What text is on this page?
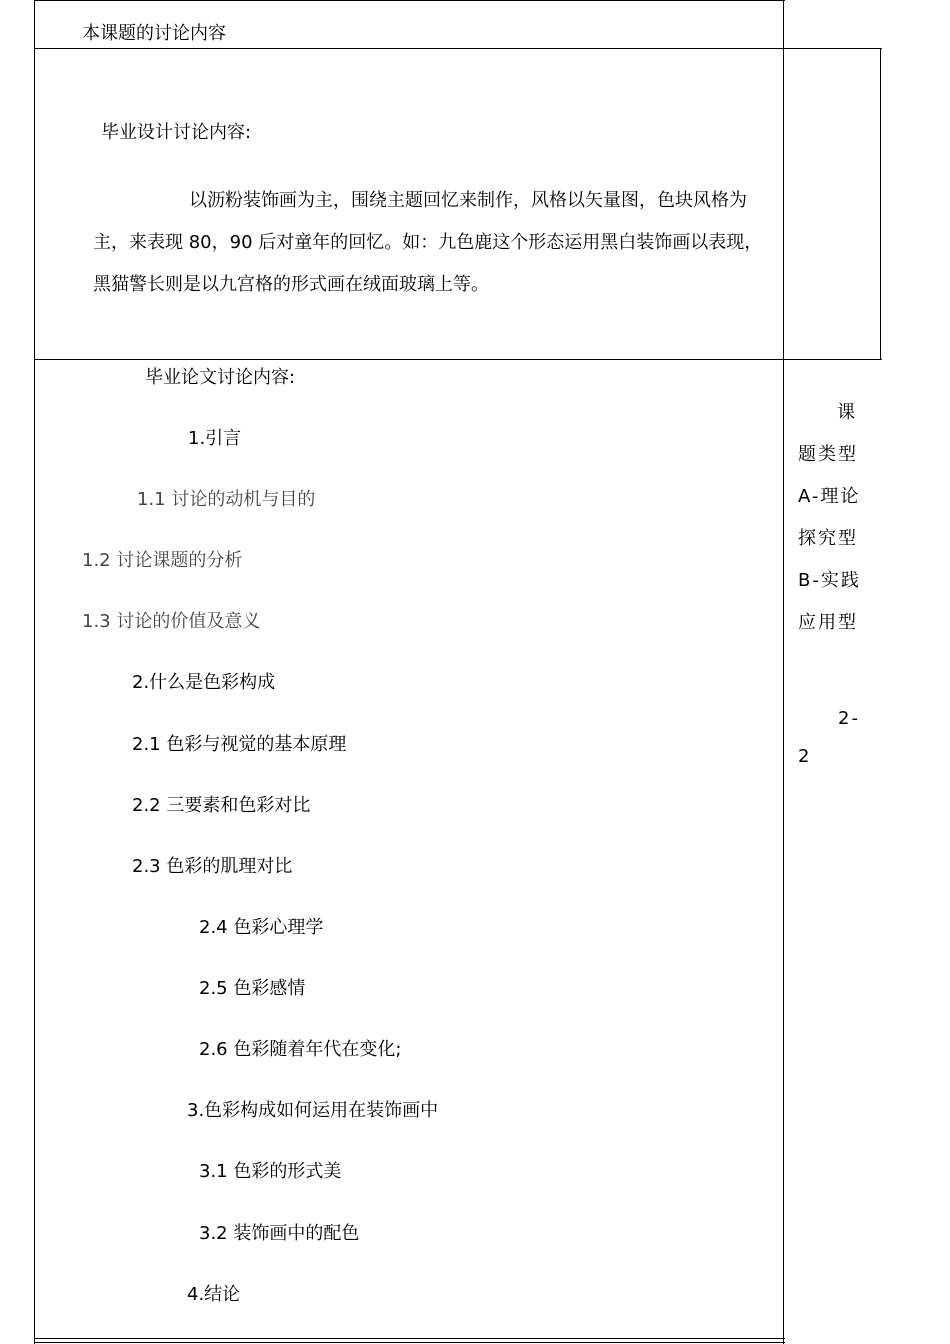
本课题的讨论内容
毕业设计讨论内容:
以沥粉装饰画为主，围绕主题回忆来制作，风格以矢量图，色块风格为主，来表现 80，90 后对童年的回忆。如：九色鹿这个形态运用黑白装饰画以表现，黑猫警长则是以九宫格的形式画在绒面玻璃上等。
毕业论文讨论内容:
1.引言
1.1 讨论的动机与目的
1.2 讨论课题的分析
1.3 讨论的价值及意义
2.什么是色彩构成
2.1 色彩与视觉的基本原理
2.2 三要素和色彩对比
2.3 色彩的肌理对比
2.4 色彩心理学
2.5 色彩感情
2.6 色彩随着年代在变化;
3.色彩构成如何运用在装饰画中
3.1 色彩的形式美
3.2 装饰画中的配色
4.结论
课
题类型
A-理论
探究型
B-实践
应用型
2-
2
